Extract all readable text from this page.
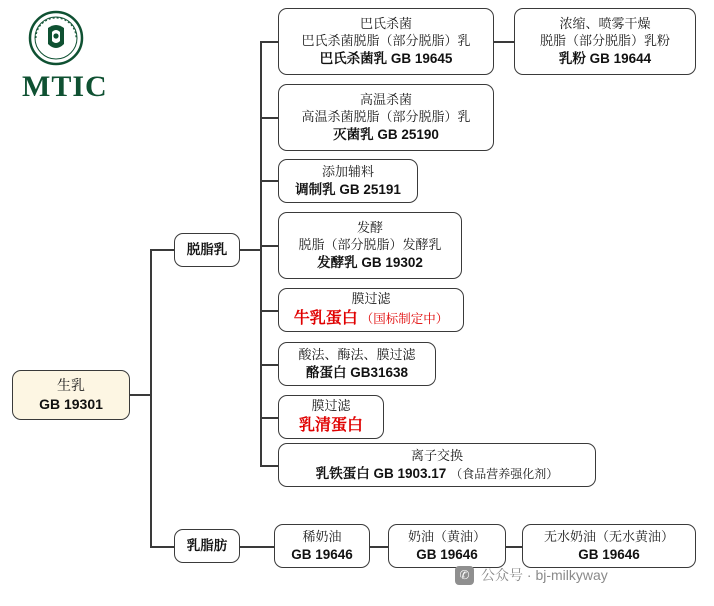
MTIC
生乳
GB 19301
脱脂乳
巴氏杀菌
巴氏杀菌脱脂（部分脱脂）乳
巴氏杀菌乳 GB 19645
浓缩、喷雾干燥
脱脂（部分脱脂）乳粉
乳粉 GB 19644
高温杀菌
高温杀菌脱脂（部分脱脂）乳
灭菌乳 GB 25190
添加辅料
调制乳 GB 25191
发酵
脱脂（部分脱脂）发酵乳
发酵乳 GB 19302
膜过滤
牛乳蛋白 （国标制定中）
酸法、酶法、膜过滤
酪蛋白 GB31638
膜过滤
乳清蛋白
离子交换
乳铁蛋白 GB 1903.17 （食品营养强化剂）
乳脂肪
稀奶油
GB 19646
奶油（黄油）
GB 19646
无水奶油（无水黄油）
GB 19646
✆ 公众号 · bj-milkyway
